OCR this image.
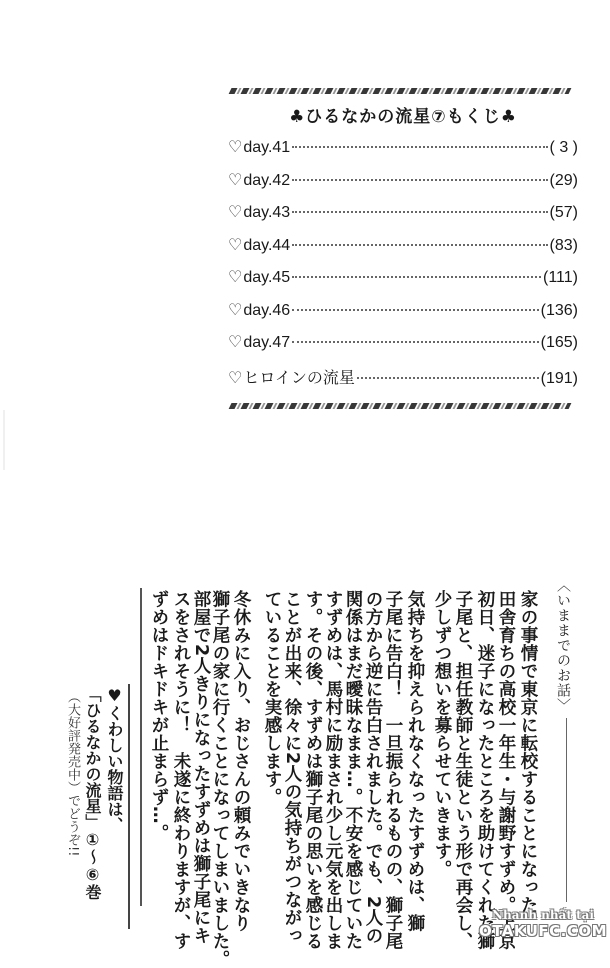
♣ひるなかの流星⑦もくじ♣
♡ day.41	( 3 )
♡ day.42	(29)
♡ day.43	(57)
♡ day.44	(83)
♡ day.45	(111)
♡ day.46	(136)
♡ day.47	(165)
♡ ヒロインの流星	(191)
〈いままでのお話〉
家の事情で東京に転校することになった、
田舎育ちの高校一年生・与謝野すずめ。上京
初日、迷子になったところを助けてくれた獅
子尾と、担任教師と生徒という形で再会し、
少しずつ想いを募らせていきます。
気持ちを抑えられなくなったすずめは、獅
子尾に告白！　一旦振られるものの、獅子尾
の方から逆に告白されました。でも、2人の
関係はまだ曖昧なまま…。不安を感じていた
すずめは、馬村に励まされ少し元気を出しま
す。その後、すずめは獅子尾の思いを感じる
ことが出来、徐々に2人の気持ちがつながっ
ていることを実感します。
冬休みに入り、おじさんの頼みでいきなり
獅子尾の家に行くことになってしまいました。
部屋で2人きりになったすずめは獅子尾にキ
スをされそうに！　未遂に終わりますが、す
ずめはドキドキが止まらず…。
♥くわしい物語は、
「ひるなかの流星」①〜⑥巻
（大好評発売中）でどうぞ!!
Nhanh nhất tại
OTAKUFC.COM
